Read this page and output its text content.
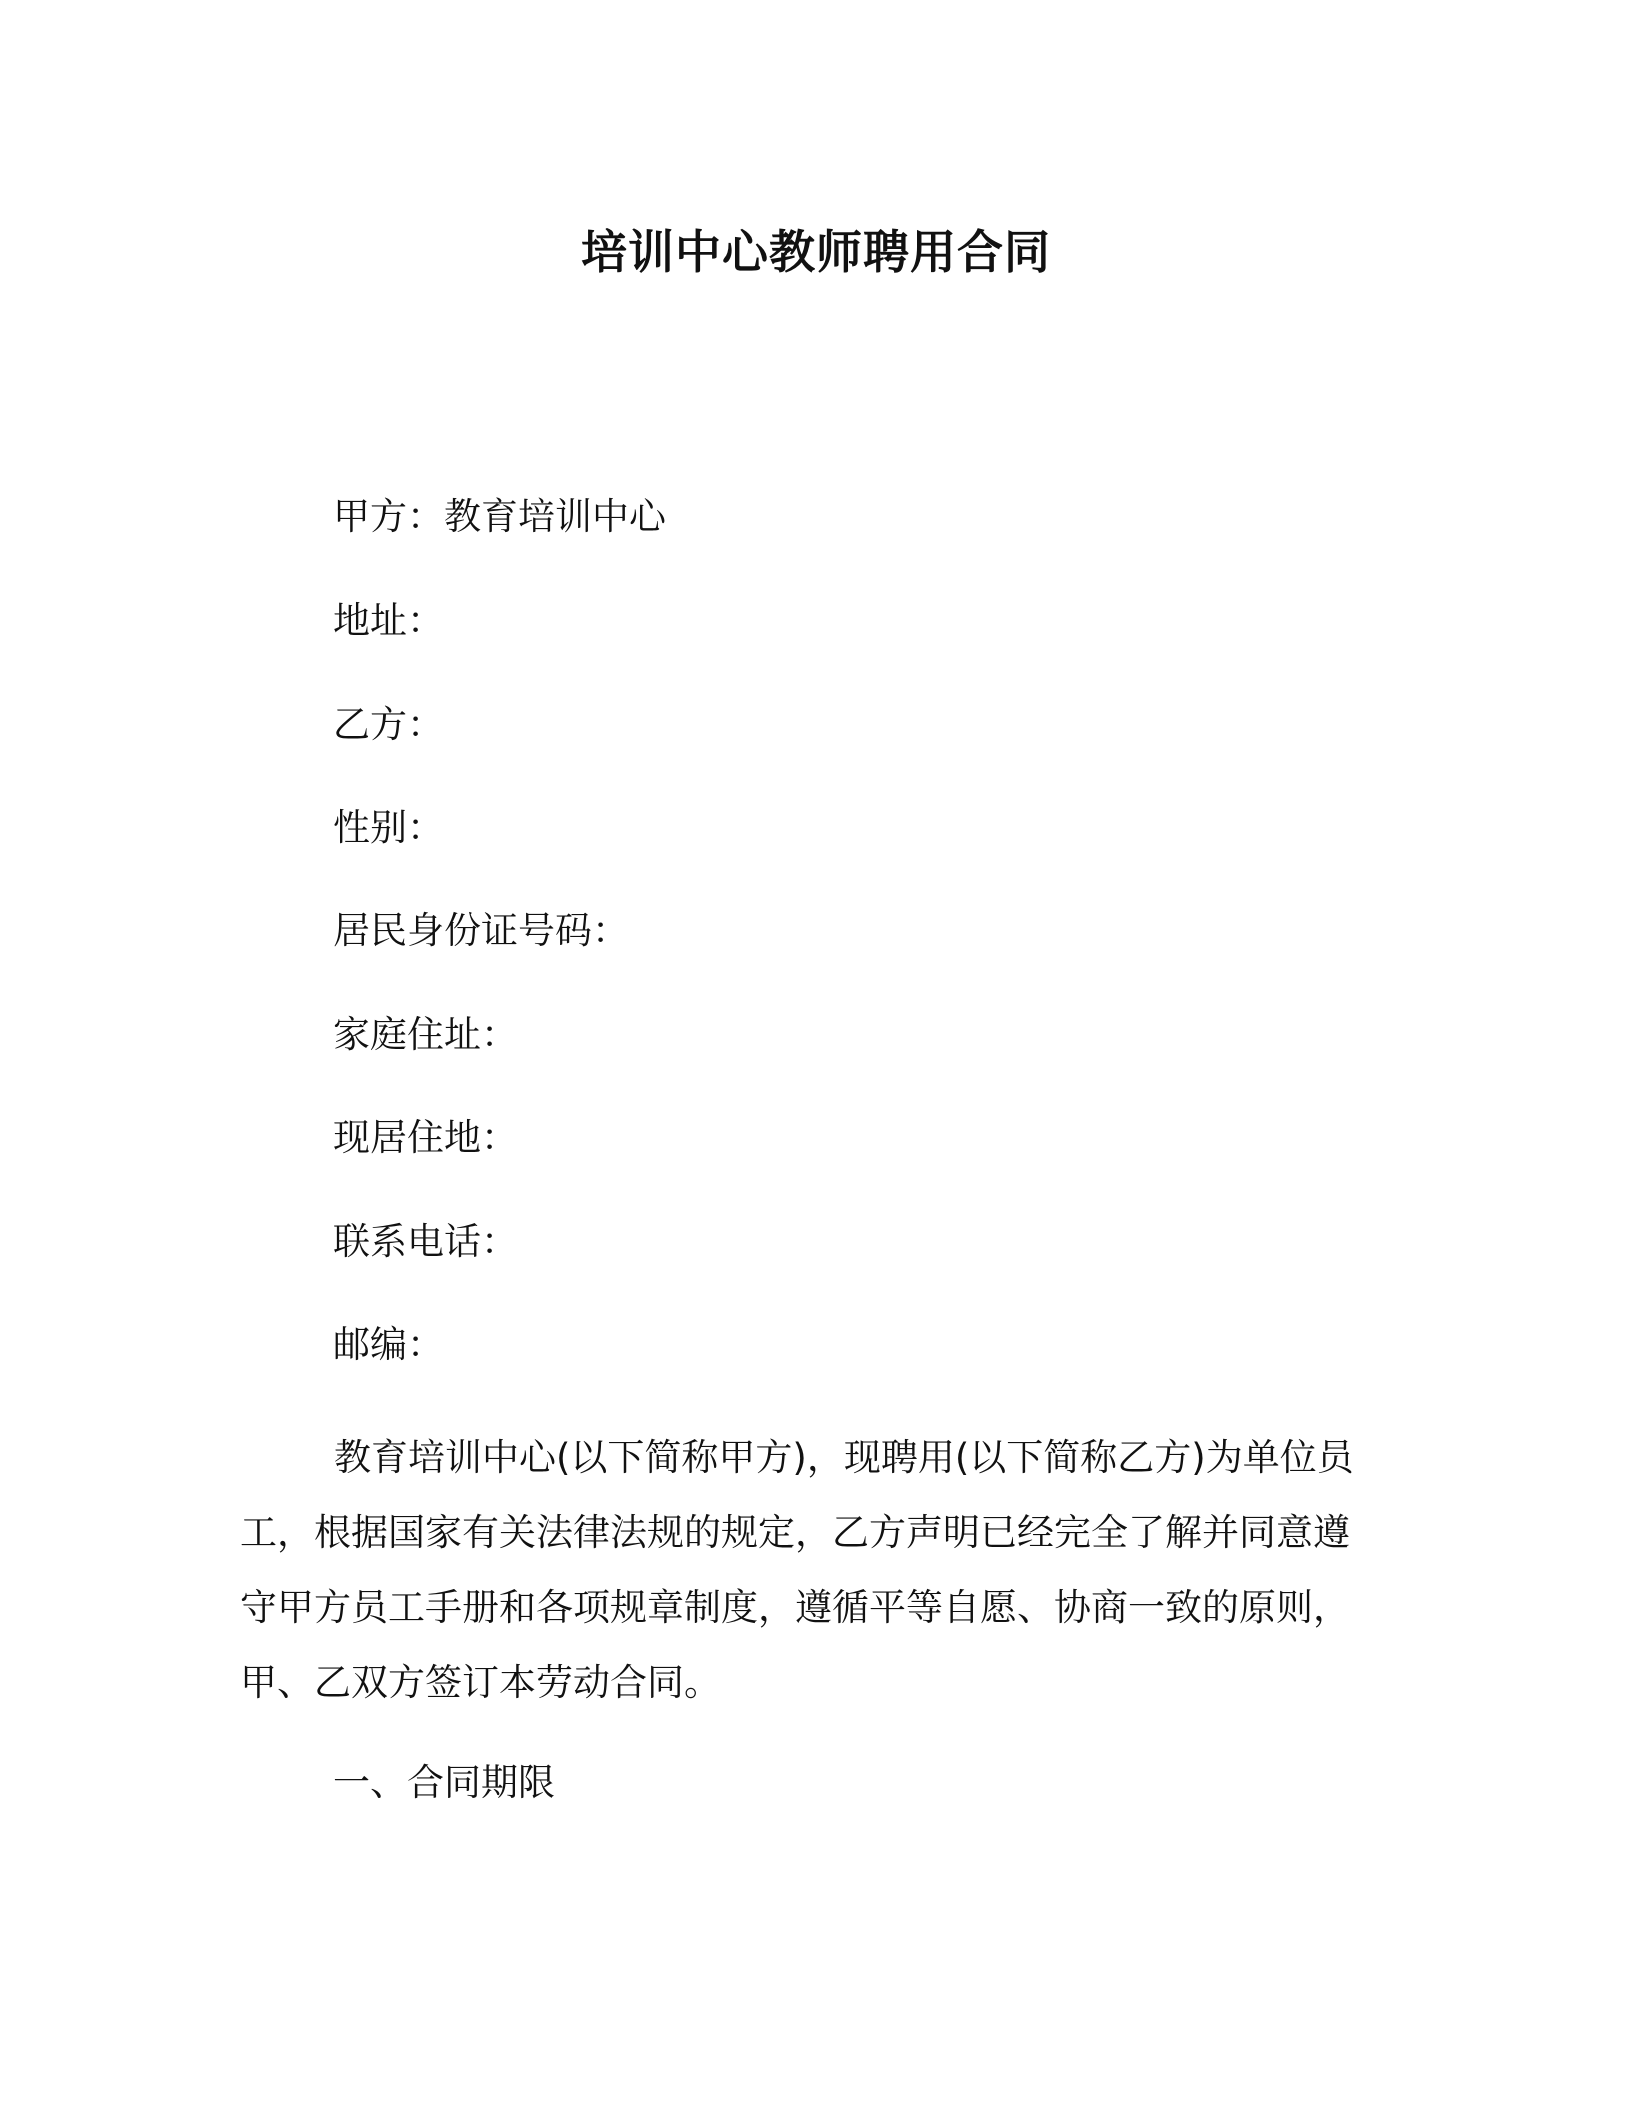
培训中心教师聘用合同
甲方：教育培训中心
地址：
乙方：
性别：
居民身份证号码：
家庭住址：
现居住地：
联系电话：
邮编：

教育培训中心(以下简称甲方)，现聘用(以下简称乙方)为单位员工，根据国家有关法律法规的规定，乙方声明已经完全了解并同意遵守甲方员工手册和各项规章制度，遵循平等自愿、协商一致的原则，甲、乙双方签订本劳动合同。

一、合同期限
